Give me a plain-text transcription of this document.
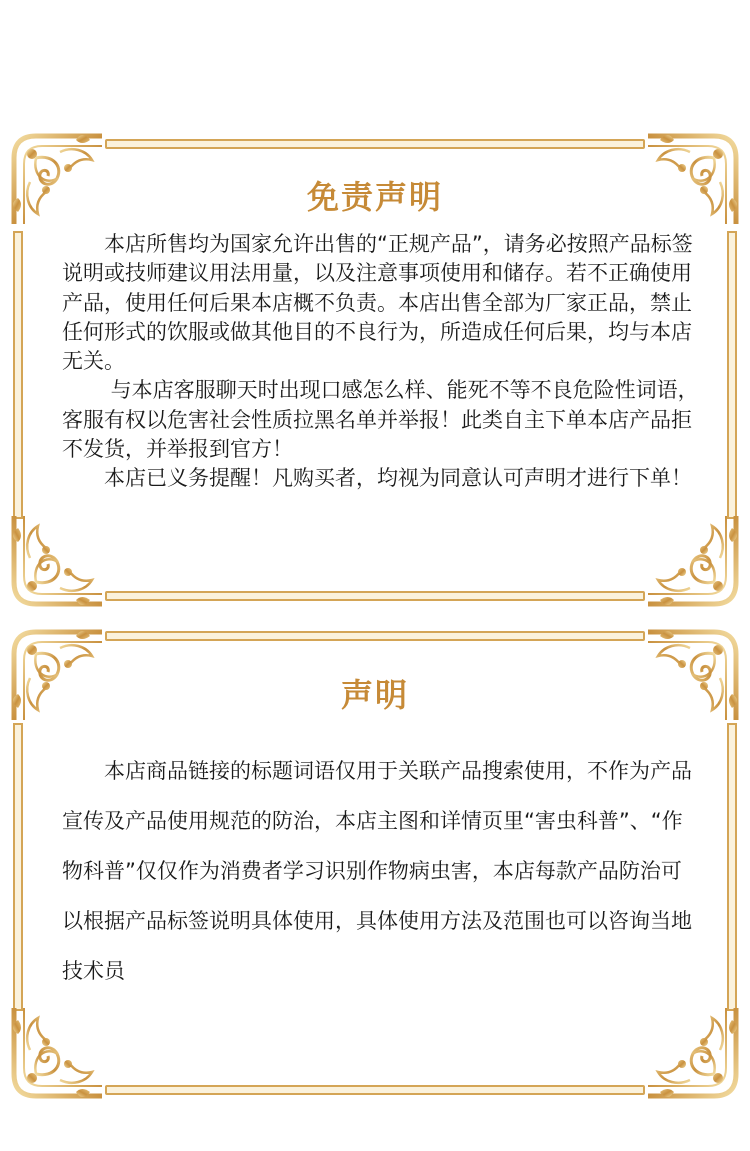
免责声明

　　本店所售均为国家允许出售的“正规产品”，请务必按照产品标签说明或技师建议用法用量，以及注意事项使用和储存。若不正确使用产品，使用任何后果本店概不负责。本店出售全部为厂家正品，禁止任何形式的饮服或做其他目的不良行为，所造成任何后果，均与本店无关。

　　 与本店客服聊天时出现口感怎么样、能死不等不良危险性词语，客服有权以危害社会性质拉黑名单并举报！此类自主下单本店产品拒不发货，并举报到官方！

　　本店已义务提醒！凡购买者，均视为同意认可声明才进行下单！

声明

　　本店商品链接的标题词语仅用于关联产品搜索使用，不作为产品宣传及产品使用规范的防治，本店主图和详情页里“害虫科普”、“作物科普”仅仅作为消费者学习识别作物病虫害，本店每款产品防治可以根据产品标签说明具体使用，具体使用方法及范围也可以咨询当地技术员
